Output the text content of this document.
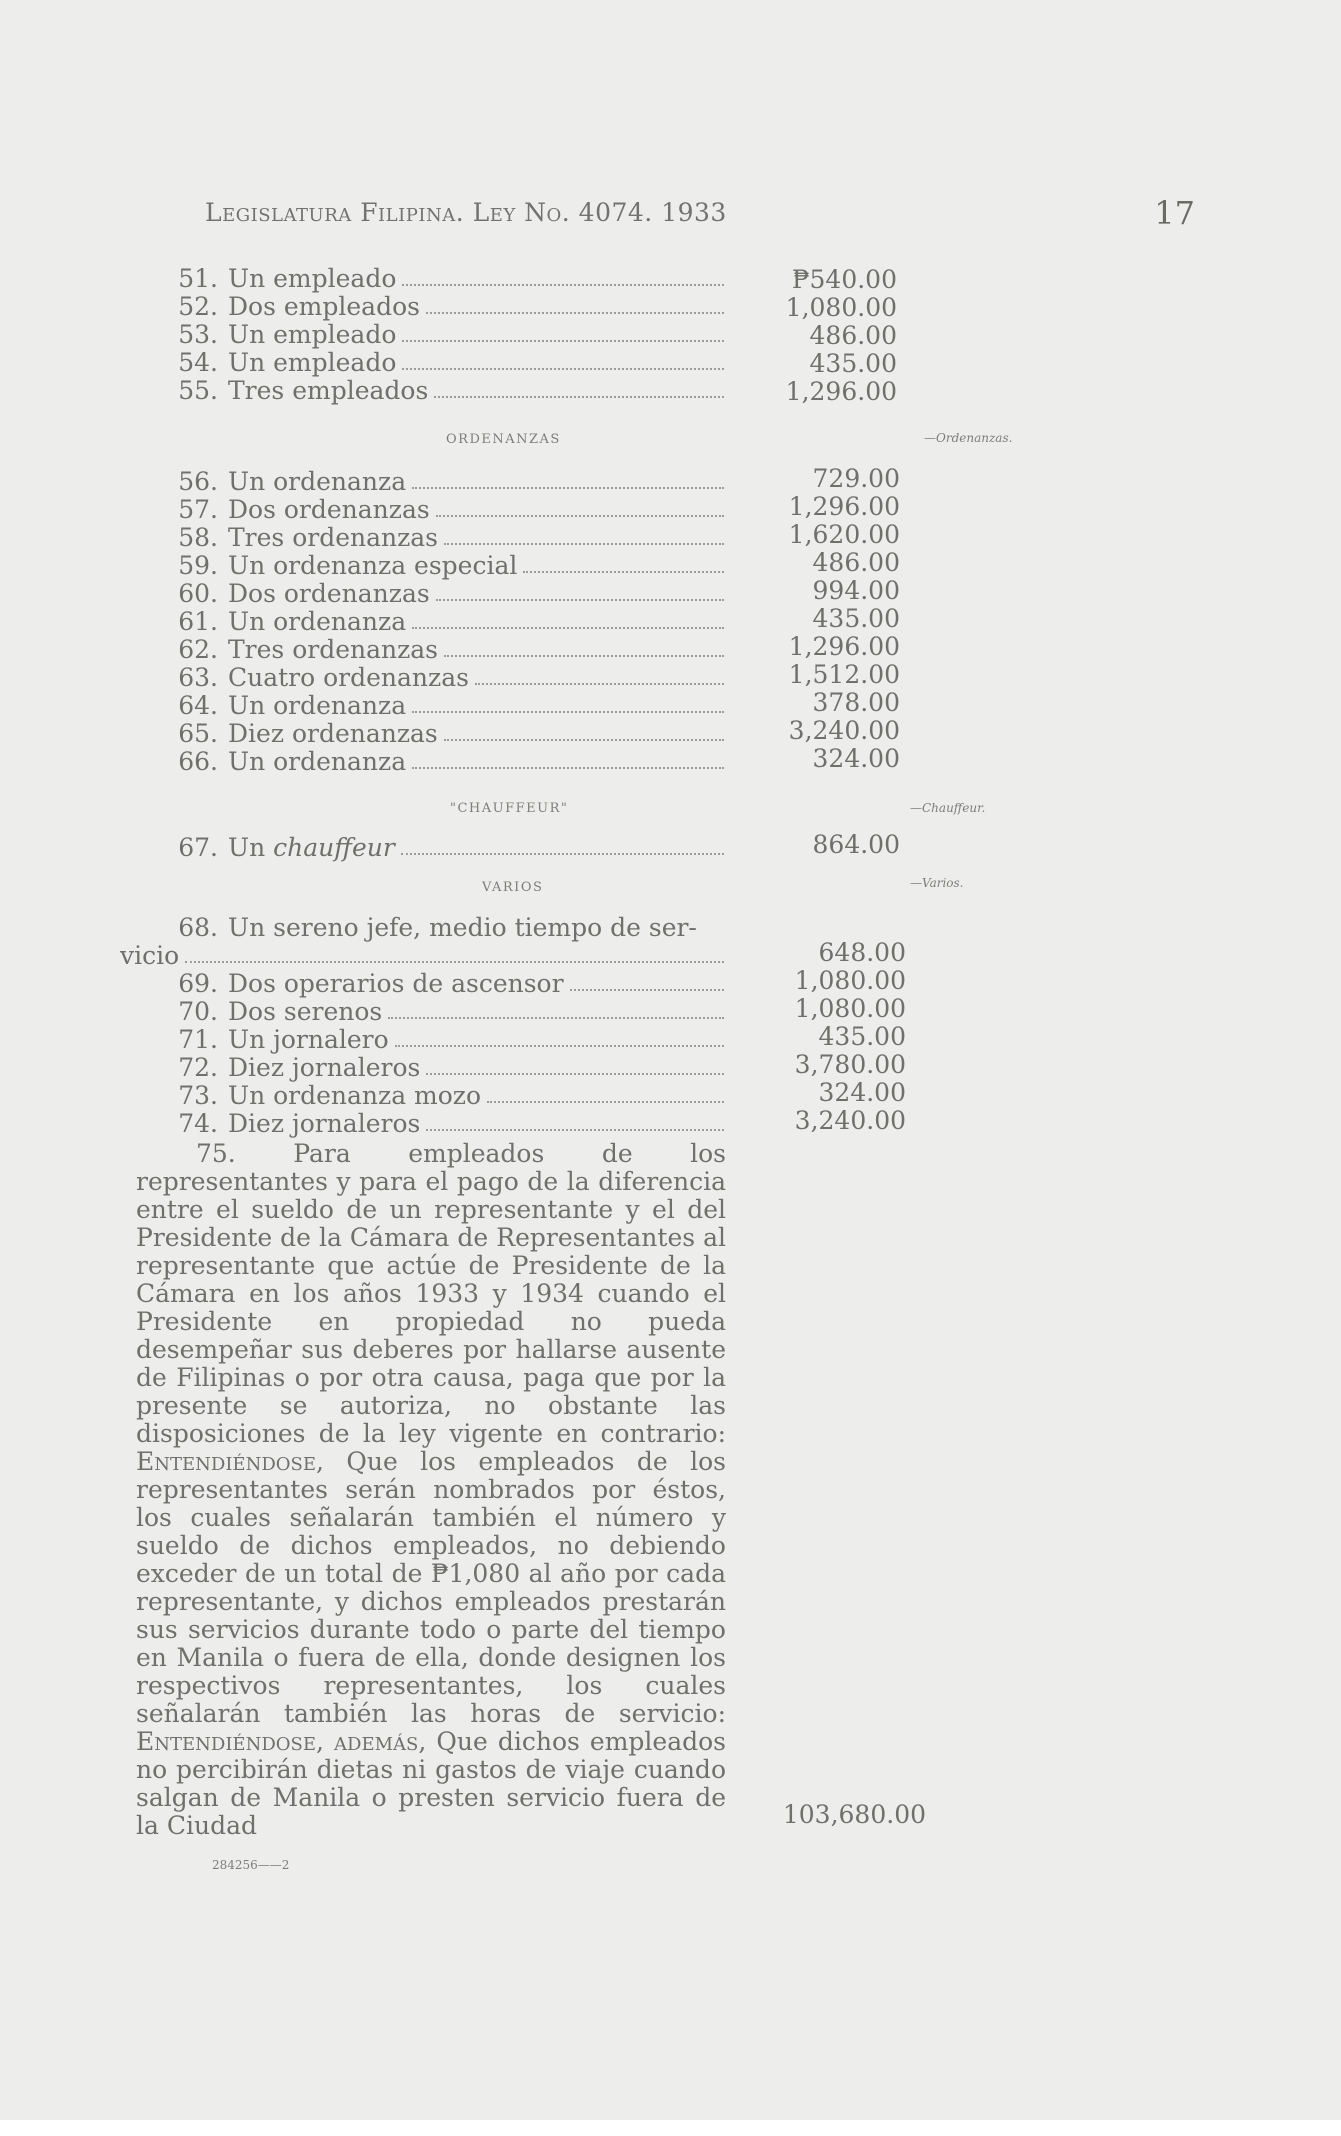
Legislatura Filipina. Ley No. 4074. 1933	17
51. Un empleado	₱540.00
52. Dos empleados	1,080.00
53. Un empleado	486.00
54. Un empleado	435.00
55. Tres empleados	1,296.00
ORDENANZAS	—Ordenanzas.
56. Un ordenanza	729.00
57. Dos ordenanzas	1,296.00
58. Tres ordenanzas	1,620.00
59. Un ordenanza especial	486.00
60. Dos ordenanzas	994.00
61. Un ordenanza	435.00
62. Tres ordenanzas	1,296.00
63. Cuatro ordenanzas	1,512.00
64. Un ordenanza	378.00
65. Diez ordenanzas	3,240.00
66. Un ordenanza	324.00
"CHAUFFEUR"	—Chauffeur.
67. Un chauffeur	864.00
VARIOS	—Varios.
68. Un sereno jefe, medio tiempo de ser-
vicio	648.00
69. Dos operarios de ascensor	1,080.00
70. Dos serenos	1,080.00
71. Un jornalero	435.00
72. Diez jornaleros	3,780.00
73. Un ordenanza mozo	324.00
74. Diez jornaleros	3,240.00

75. Para empleados de los representantes y para el pago de la diferencia entre el sueldo de un representante y el del Presidente de la Cámara de Representantes al representante que actúe de Presidente de la Cámara en los años 1933 y 1934 cuando el Presidente en propiedad no pueda desempeñar sus deberes por hallarse ausente de Filipinas o por otra causa, paga que por la presente se autoriza, no obstante las disposiciones de la ley vigente en contrario: Entendiéndose, Que los empleados de los representantes serán nombrados por éstos, los cuales señalarán también el número y sueldo de dichos empleados, no debiendo exceder de un total de ₱1,080 al año por cada representante, y dichos empleados prestarán sus servicios durante todo o parte del tiempo en Manila o fuera de ella, donde designen los respectivos representantes, los cuales señalarán también las horas de servicio: Entendiéndose, además, Que dichos empleados no percibirán dietas ni gastos de viaje cuando salgan de Manila o presten servicio fuera de la Ciudad	103,680.00
284256——2
